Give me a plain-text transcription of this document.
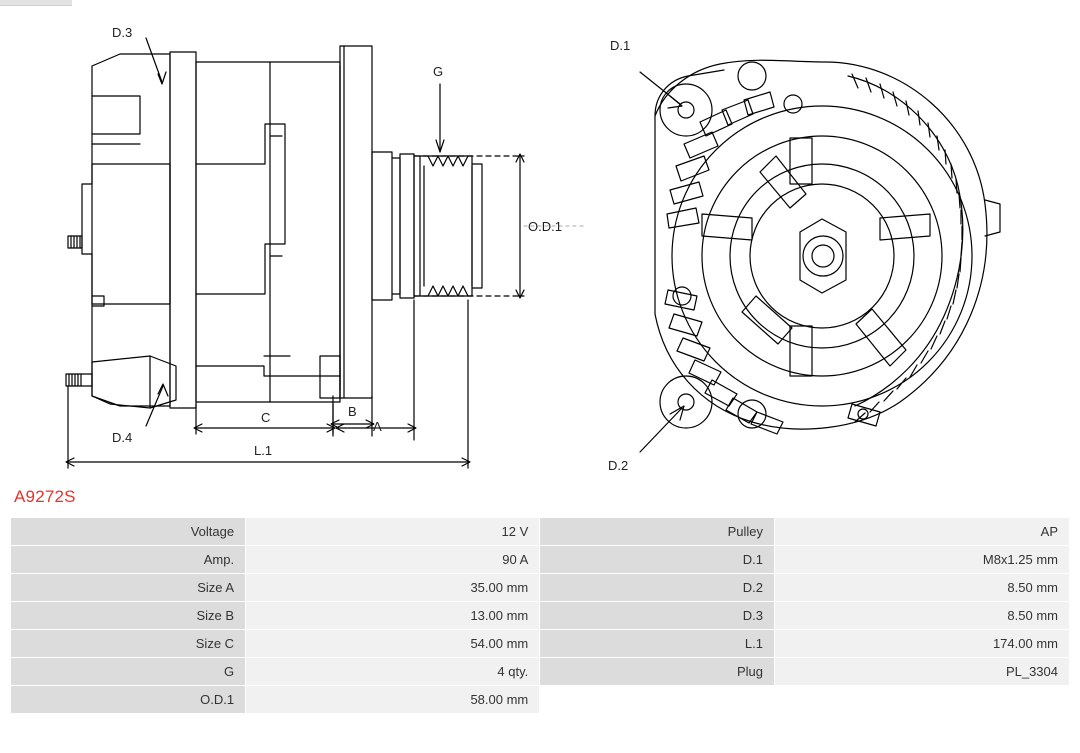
D.3
D.4
G
O.D.1
A
B
C
L.1
D.1
D.2
A9272S
Voltage	12 V	Pulley	AP
Amp.	90 A	D.1	M8x1.25 mm
Size A	35.00 mm	D.2	8.50 mm
Size B	13.00 mm	D.3	8.50 mm
Size C	54.00 mm	L.1	174.00 mm
G	4 qty.	Plug	PL_3304
O.D.1	58.00 mm		
